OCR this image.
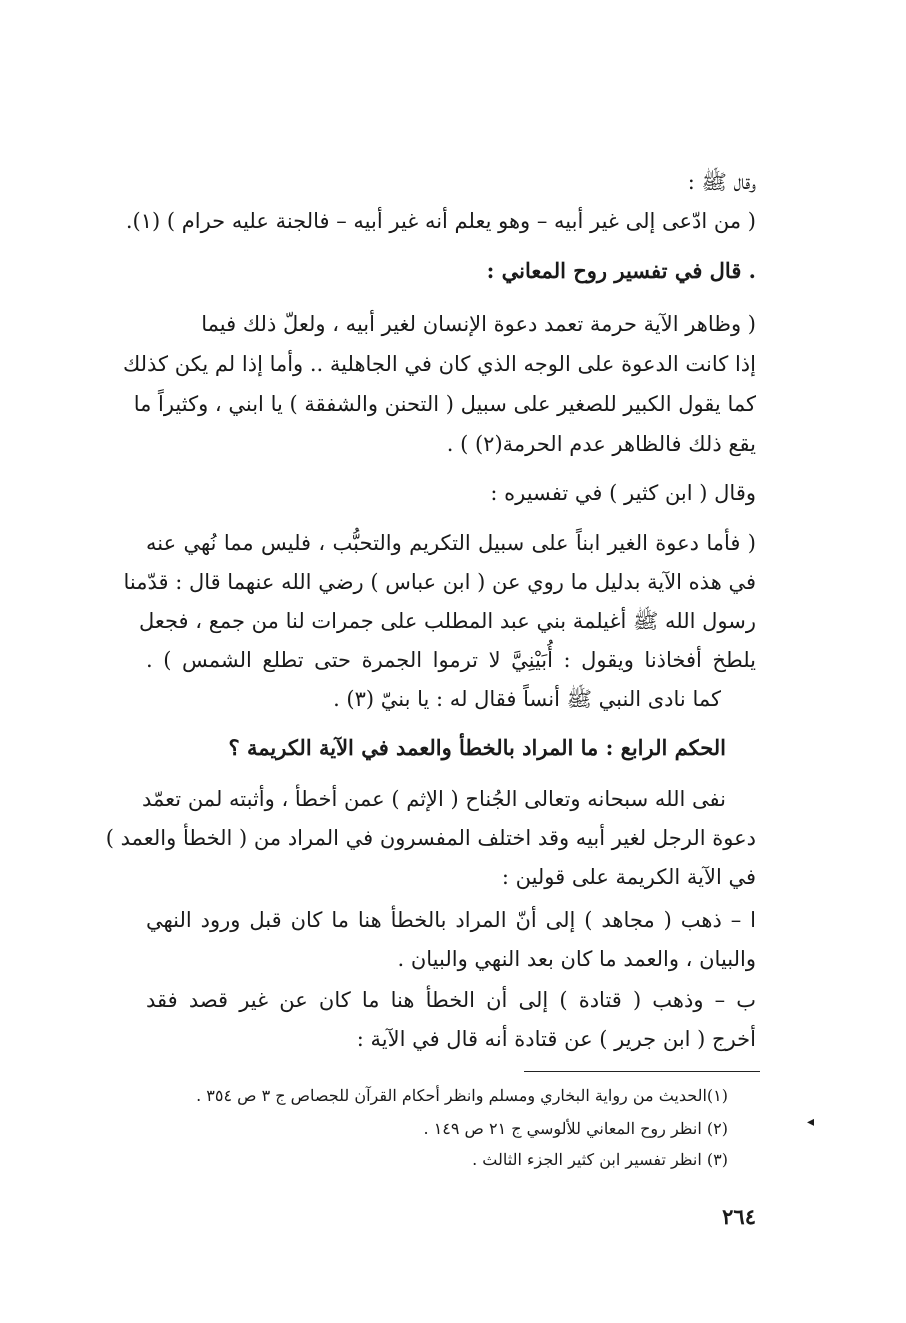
وقال ﷺ :
( من ادّعى إلى غير أبيه – وهو يعلم أنه غير أبيه – فالجنة عليه حرام ) (١).
. قال في تفسير روح المعاني :
( وظاهر الآية حرمة تعمد دعوة الإنسان لغير أبيه ، ولعلّ ذلك فيما
إذا كانت الدعوة على الوجه الذي كان في الجاهلية .. وأما إذا لم يكن كذلك
كما يقول الكبير للصغير على سبيل ( التحنن والشفقة ) يا ابني ، وكثيراً ما
يقع ذلك فالظاهر عدم الحرمة(٢) ) .
وقال ( ابن كثير ) في تفسيره :
( فأما دعوة الغير ابناً على سبيل التكريم والتحبُّب ، فليس مما نُهي عنه
في هذه الآية بدليل ما روي عن ( ابن عباس ) رضي الله عنهما قال : قدّمنا
رسول الله ﷺ أغيلمة بني عبد المطلب على جمرات لنا من جمع ، فجعل
يلطخ أفخاذنا ويقول : أُبَيْنِيَّ لا ترموا الجمرة حتى تطلع الشمس ) .
كما نادى النبي ﷺ أنساً فقال له : يا بنيّ (٣) .
الحكم الرابع : ما المراد بالخطأ والعمد في الآية الكريمة ؟
نفى الله سبحانه وتعالى الجُناح ( الإثم ) عمن أخطأ ، وأثبته لمن تعمّد
دعوة الرجل لغير أبيه وقد اختلف المفسرون في المراد من ( الخطأ والعمد )
في الآية الكريمة على قولين :
ا – ذهب ( مجاهد ) إلى أنّ المراد بالخطأ هنا ما كان قبل ورود النهي
والبيان ، والعمد ما كان بعد النهي والبيان .
ب – وذهب ( قتادة ) إلى أن الخطأ هنا ما كان عن غير قصد فقد
أخرج ( ابن جرير ) عن قتادة أنه قال في الآية :
(١)الحديث من رواية البخاري ومسلم وانظر أحكام القرآن للجصاص ج ٣ ص ٣٥٤ .
(٢) انظر روح المعاني للألوسي ج ٢١ ص ١٤٩ .
(٣) انظر تفسير ابن كثير الجزء الثالث .
◂
٢٦٤
